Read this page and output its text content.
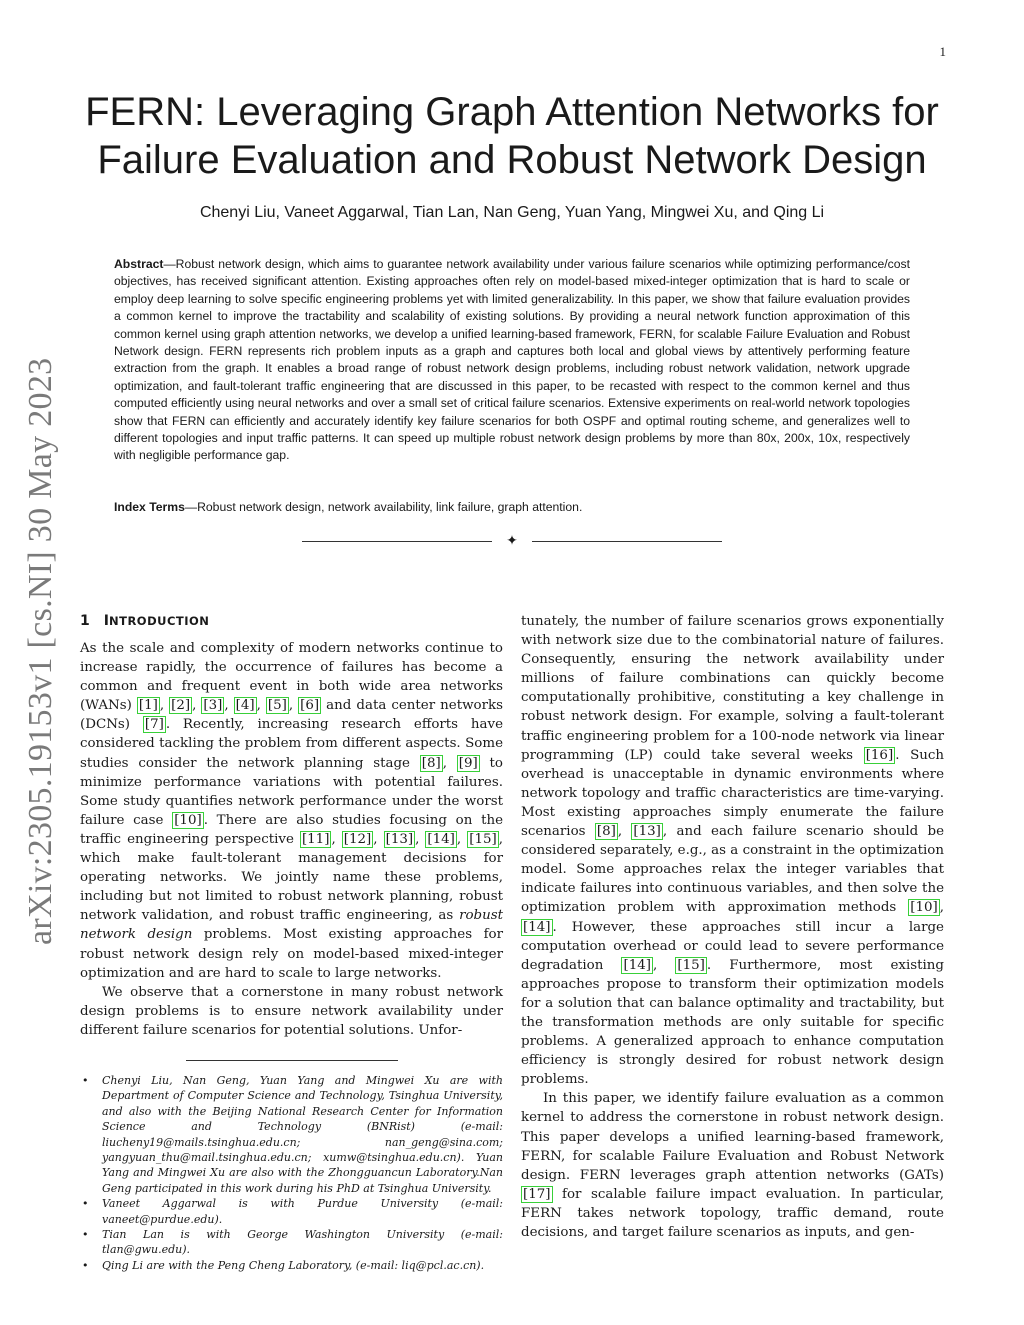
1
arXiv:2305.19153v1 [cs.NI] 30 May 2023
FERN: Leveraging Graph Attention Networks for
Failure Evaluation and Robust Network Design
Chenyi Liu, Vaneet Aggarwal, Tian Lan, Nan Geng, Yuan Yang, Mingwei Xu, and Qing Li
Abstract—Robust network design, which aims to guarantee network availability under various failure scenarios while optimizing performance/cost objectives, has received significant attention. Existing approaches often rely on model-based mixed-integer optimization that is hard to scale or employ deep learning to solve specific engineering problems yet with limited generalizability. In this paper, we show that failure evaluation provides a common kernel to improve the tractability and scalability of existing solutions. By providing a neural network function approximation of this common kernel using graph attention networks, we develop a unified learning-based framework, FERN, for scalable Failure Evaluation and Robust Network design. FERN represents rich problem inputs as a graph and captures both local and global views by attentively performing feature extraction from the graph. It enables a broad range of robust network design problems, including robust network validation, network upgrade optimization, and fault-tolerant traffic engineering that are discussed in this paper, to be recasted with respect to the common kernel and thus computed efficiently using neural networks and over a small set of critical failure scenarios. Extensive experiments on real-world network topologies show that FERN can efficiently and accurately identify key failure scenarios for both OSPF and optimal routing scheme, and generalizes well to different topologies and input traffic patterns. It can speed up multiple robust network design problems by more than 80x, 200x, 10x, respectively with negligible performance gap.
Index Terms—Robust network design, network availability, link failure, graph attention.
✦
1 INTRODUCTION

As the scale and complexity of modern networks continue to increase rapidly, the occurrence of failures has become a common and frequent event in both wide area networks (WANs) [1] , [2] , [3] , [4] , [5] , [6] and data center networks (DCNs) [7] . Recently, increasing research efforts have considered tackling the problem from different aspects. Some studies consider the network planning stage [8] , [9] to minimize performance variations with potential failures. Some study quantifies network performance under the worst failure case [10] . There are also studies focusing on the traffic engineering perspective [11] , [12] , [13] , [14] , [15] , which make fault-tolerant management decisions for operating networks. We jointly name these problems, including but not limited to robust network planning, robust network validation, and robust traffic engineering, as robust network design problems. Most existing approaches for robust network design rely on model-based mixed-integer optimization and are hard to scale to large networks.

We observe that a cornerstone in many robust network design problems is to ensure network availability under different failure scenarios for potential solutions. Unfor-

tunately, the number of failure scenarios grows exponentially with network size due to the combinatorial nature of failures. Consequently, ensuring the network availability under millions of failure combinations can quickly become computationally prohibitive, constituting a key challenge in robust network design. For example, solving a fault-tolerant traffic engineering problem for a 100-node network via linear programming (LP) could take several weeks [16] . Such overhead is unacceptable in dynamic environments where network topology and traffic characteristics are time-varying. Most existing approaches simply enumerate the failure scenarios [8] , [13] , and each failure scenario should be considered separately, e.g., as a constraint in the optimization model. Some approaches relax the integer variables that indicate failures into continuous variables, and then solve the optimization problem with approximation methods [10] , [14] . However, these approaches still incur a large computation overhead or could lead to severe performance degradation [14] , [15] . Furthermore, most existing approaches propose to transform their optimization models for a solution that can balance optimality and tractability, but the transformation methods are only suitable for specific problems. A generalized approach to enhance computation efficiency is strongly desired for robust network design problems.

In this paper, we identify failure evaluation as a common kernel to address the cornerstone in robust network design. This paper develops a unified learning-based framework, FERN, for scalable Failure Evaluation and Robust Network design. FERN leverages graph attention networks (GATs) [17] for scalable failure impact evaluation. In particular, FERN takes network topology, traffic demand, route decisions, and target failure scenarios as inputs, and gen-

• Chenyi Liu, Nan Geng, Yuan Yang and Mingwei Xu are with Department of Computer Science and Technology, Tsinghua University, and also with the Beijing National Research Center for Information Science and Technology (BNRist) (e-mail: liucheny19@mails.tsinghua.edu.cn; nan_geng@sina.com; yangyuan_thu@mail.tsinghua.edu.cn; xumw@tsinghua.edu.cn). Yuan Yang and Mingwei Xu are also with the Zhongguancun Laboratory.Nan Geng participated in this work during his PhD at Tsinghua University.
• Vaneet Aggarwal is with Purdue University (e-mail: vaneet@purdue.edu).
• Tian Lan is with George Washington University (e-mail: tlan@gwu.edu).
• Qing Li are with the Peng Cheng Laboratory, (e-mail: liq@pcl.ac.cn).
